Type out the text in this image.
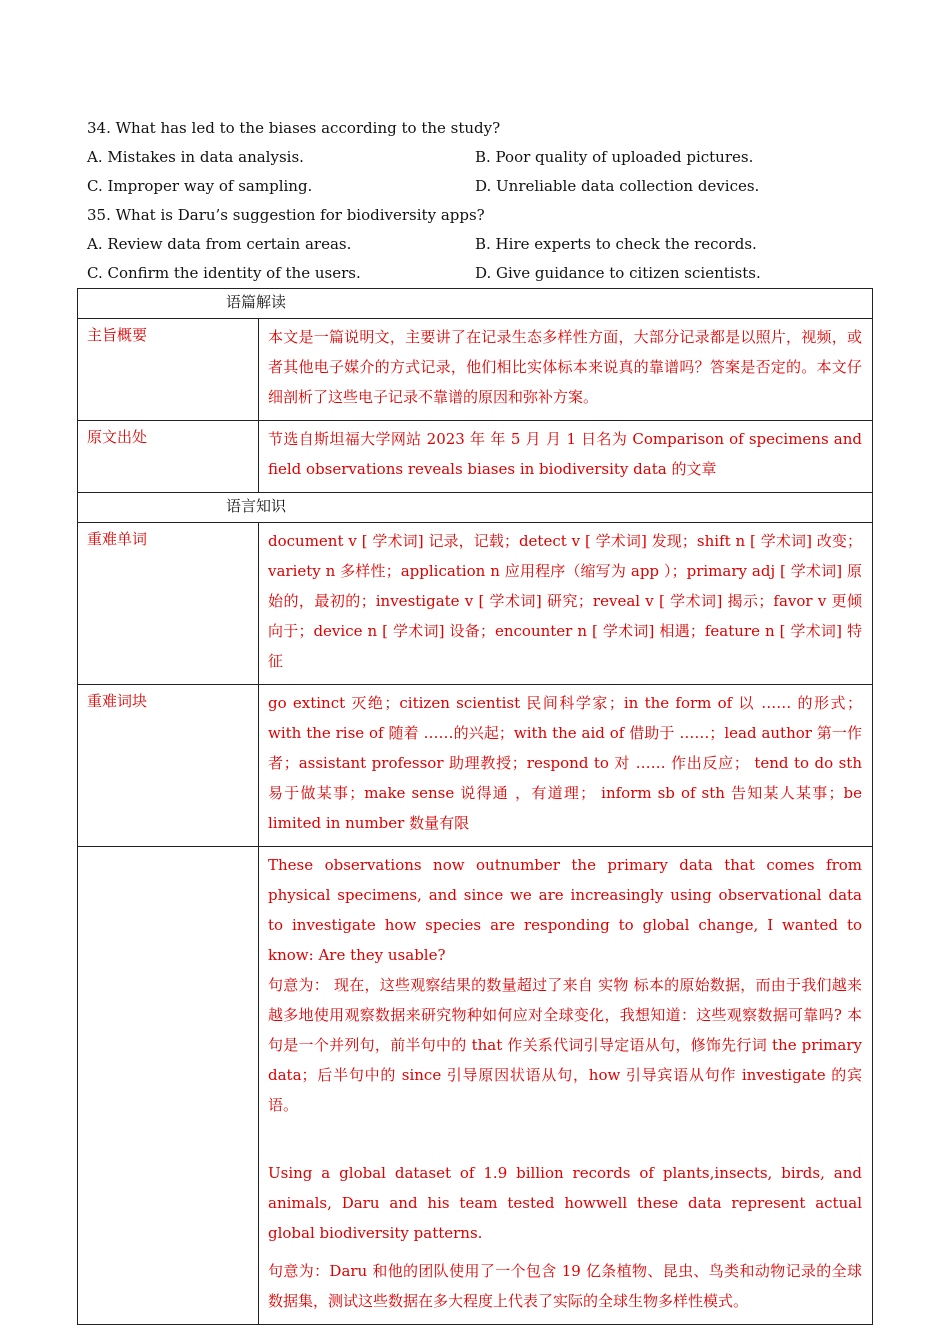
34. What has led to the biases according to the study?
A. Mistakes in data analysis.	B. Poor quality of uploaded pictures.
C. Improper way of sampling.	D. Unreliable data collection devices.
35. What is Daru’s suggestion for biodiversity apps?
A. Review data from certain areas.	B. Hire experts to check the records.
C. Confirm the identity of the users.	D. Give guidance to citizen scientists.
语篇解读	
主旨概要	本文是一篇说明文，主要讲了在记录生态多样性方面，大部分记录都是以照片，视频，或者其他电子媒介的方式记录，他们相比实体标本来说真的靠谱吗？答案是否定的。本文仔细剖析了这些电子记录不靠谱的原因和弥补方案。
原文出处	节选自斯坦福大学网站 2023 年 年 5 月 月 1 日名为 Comparison of specimens and field observations reveals biases in biodiversity data 的文章
语言知识	
重难单词	document v [ 学术词] 记录，记载；detect v [ 学术词] 发现；shift n [ 学术词] 改变；variety n 多样性；application n 应用程序（缩写为 app ）；primary adj [ 学术词] 原始的，最初的；investigate v [ 学术词] 研究；reveal v [ 学术词] 揭示；favor v 更倾向于；device n [ 学术词] 设备；encounter n [ 学术词] 相遇；feature n [ 学术词] 特征
重难词块	go extinct 灭绝；citizen scientist 民间科学家；in the form of 以 …… 的形式；with the rise of 随着 ……的兴起；with the aid of 借助于 ……；lead author 第一作者；assistant professor 助理教授；respond to 对 …… 作出反应； tend to do sth 易于做某事；make sense 说得通 ，有道理； inform sb of sth 告知某人某事；be limited in number 数量有限

	These observations now outnumber the primary data that comes from physical specimens, and since we are increasingly using observational data to investigate how species are responding to global change, I wanted to know: Are they usable?

句意为： 现在，这些观察结果的数量超过了来自 实物 标本的原始数据，而由于我们越来越多地使用观察数据来研究物种如何应对全球变化，我想知道：这些观察数据可靠吗? 本句是一个并列句，前半句中的 that 作关系代词引导定语从句，修饰先行词 the primary data；后半句中的 since 引导原因状语从句，how 引导宾语从句作 investigate 的宾语。

Using a global dataset of 1.9 billion records of plants,insects, birds, and animals, Daru and his team tested howwell these data represent actual global biodiversity patterns.

句意为：Daru 和他的团队使用了一个包含 19 亿条植物、昆虫、鸟类和动物记录的全球数据集，测试这些数据在多大程度上代表了实际的全球生物多样性模式。
